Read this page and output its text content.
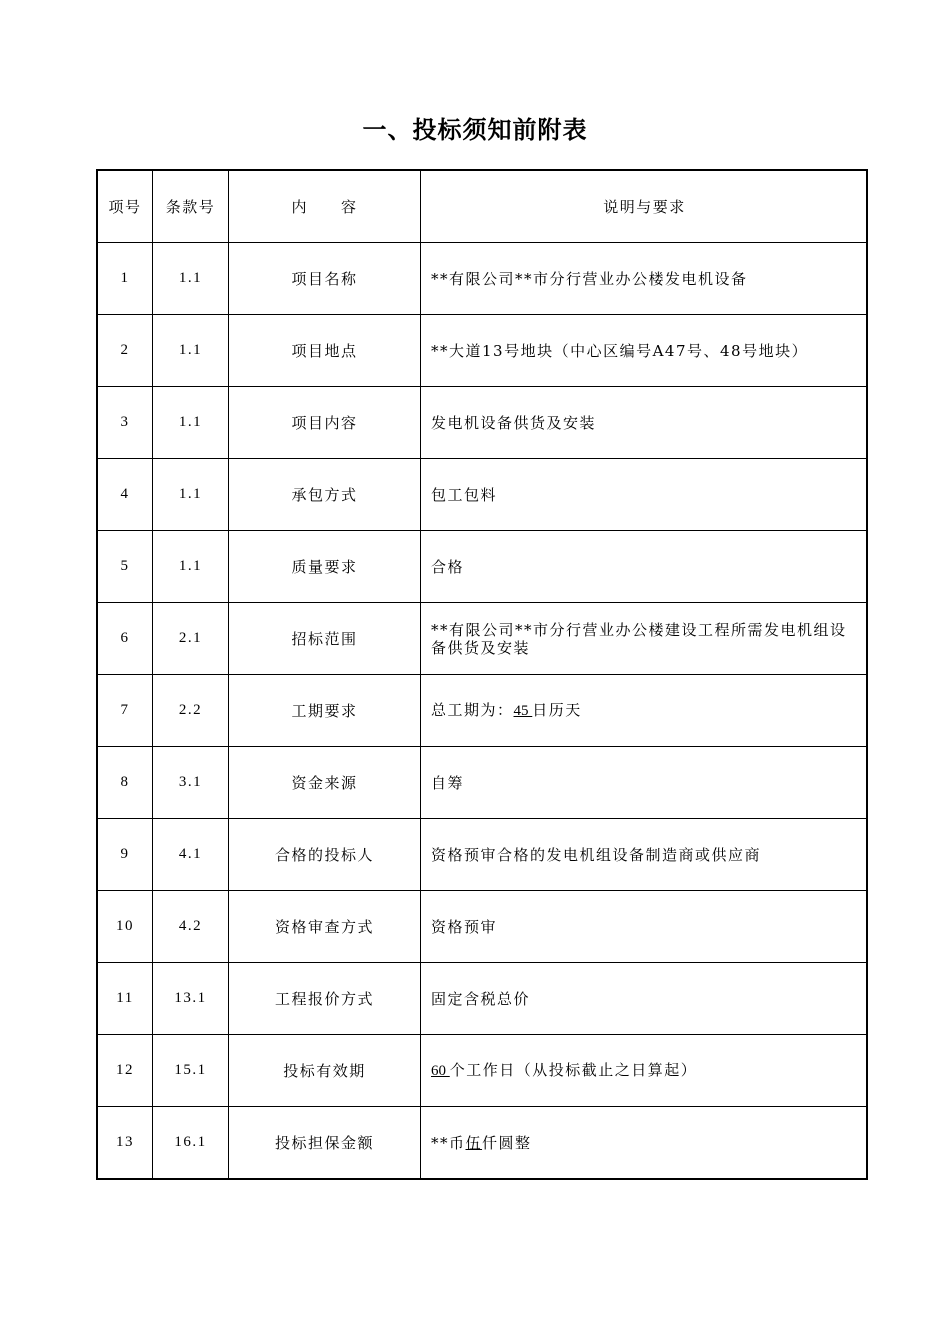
一、投标须知前附表
项号	条款号	内　　容	说明与要求
1	1.1	项目名称	**有限公司**市分行营业办公楼发电机设备
2	1.1	项目地点	**大道13号地块（中心区编号A47号、48号地块）
3	1.1	项目内容	发电机设备供货及安装
4	1.1	承包方式	包工包料
5	1.1	质量要求	合格
6	2.1	招标范围	**有限公司**市分行营业办公楼建设工程所需发电机组设备供货及安装
7	2.2	工期要求	总工期为：45 日历天
8	3.1	资金来源	自筹
9	4.1	合格的投标人	资格预审合格的发电机组设备制造商或供应商
10	4.2	资格审查方式	资格预审
11	13.1	工程报价方式	固定含税总价
12	15.1	投标有效期	60 个工作日（从投标截止之日算起）
13	16.1	投标担保金额	**币伍仟圆整
